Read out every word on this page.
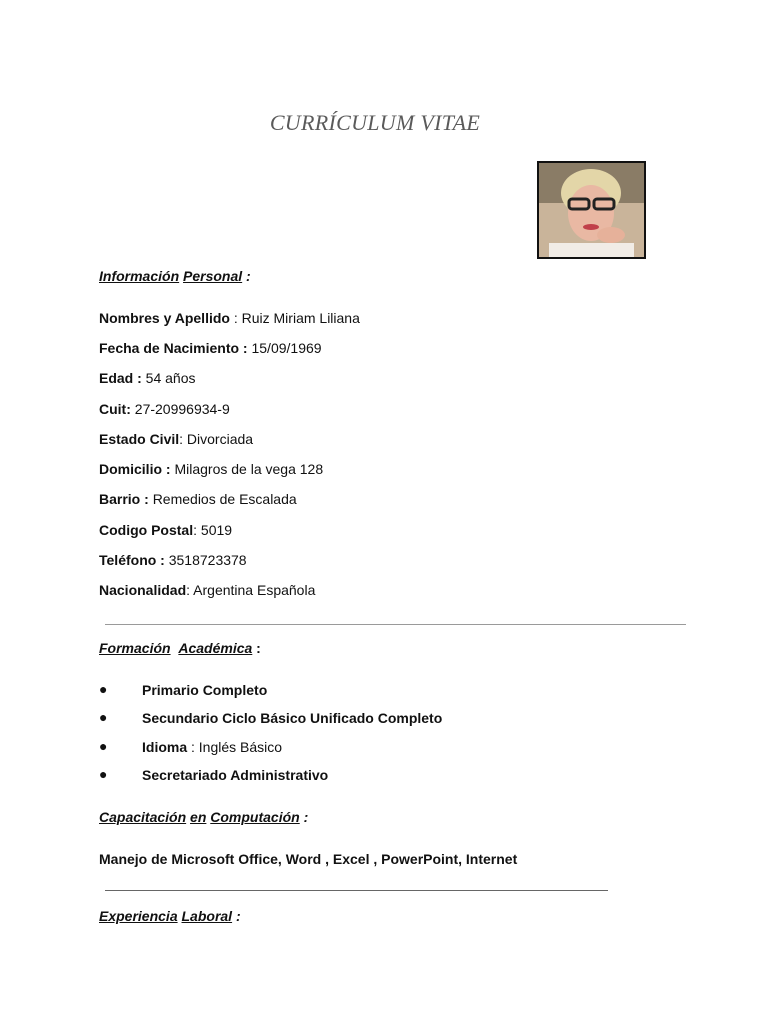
CURRÍCULUM VITAE
Información Personal :
Nombres y Apellido : Ruiz Miriam Liliana
Fecha de Nacimiento : 15/09/1969
Edad : 54 años
Cuit: 27-20996934-9
Estado Civil: Divorciada
Domicilio : Milagros de la vega 128
Barrio : Remedios de Escalada
Codigo Postal: 5019
Teléfono : 3518723378
Nacionalidad: Argentina Española
Formación Académica :
● Primario Completo
● Secundario Ciclo Básico Unificado Completo
● Idioma : Inglés Básico
● Secretariado Administrativo
Capacitación en Computación :
Manejo de Microsoft Office, Word , Excel , PowerPoint, Internet
Experiencia Laboral :
